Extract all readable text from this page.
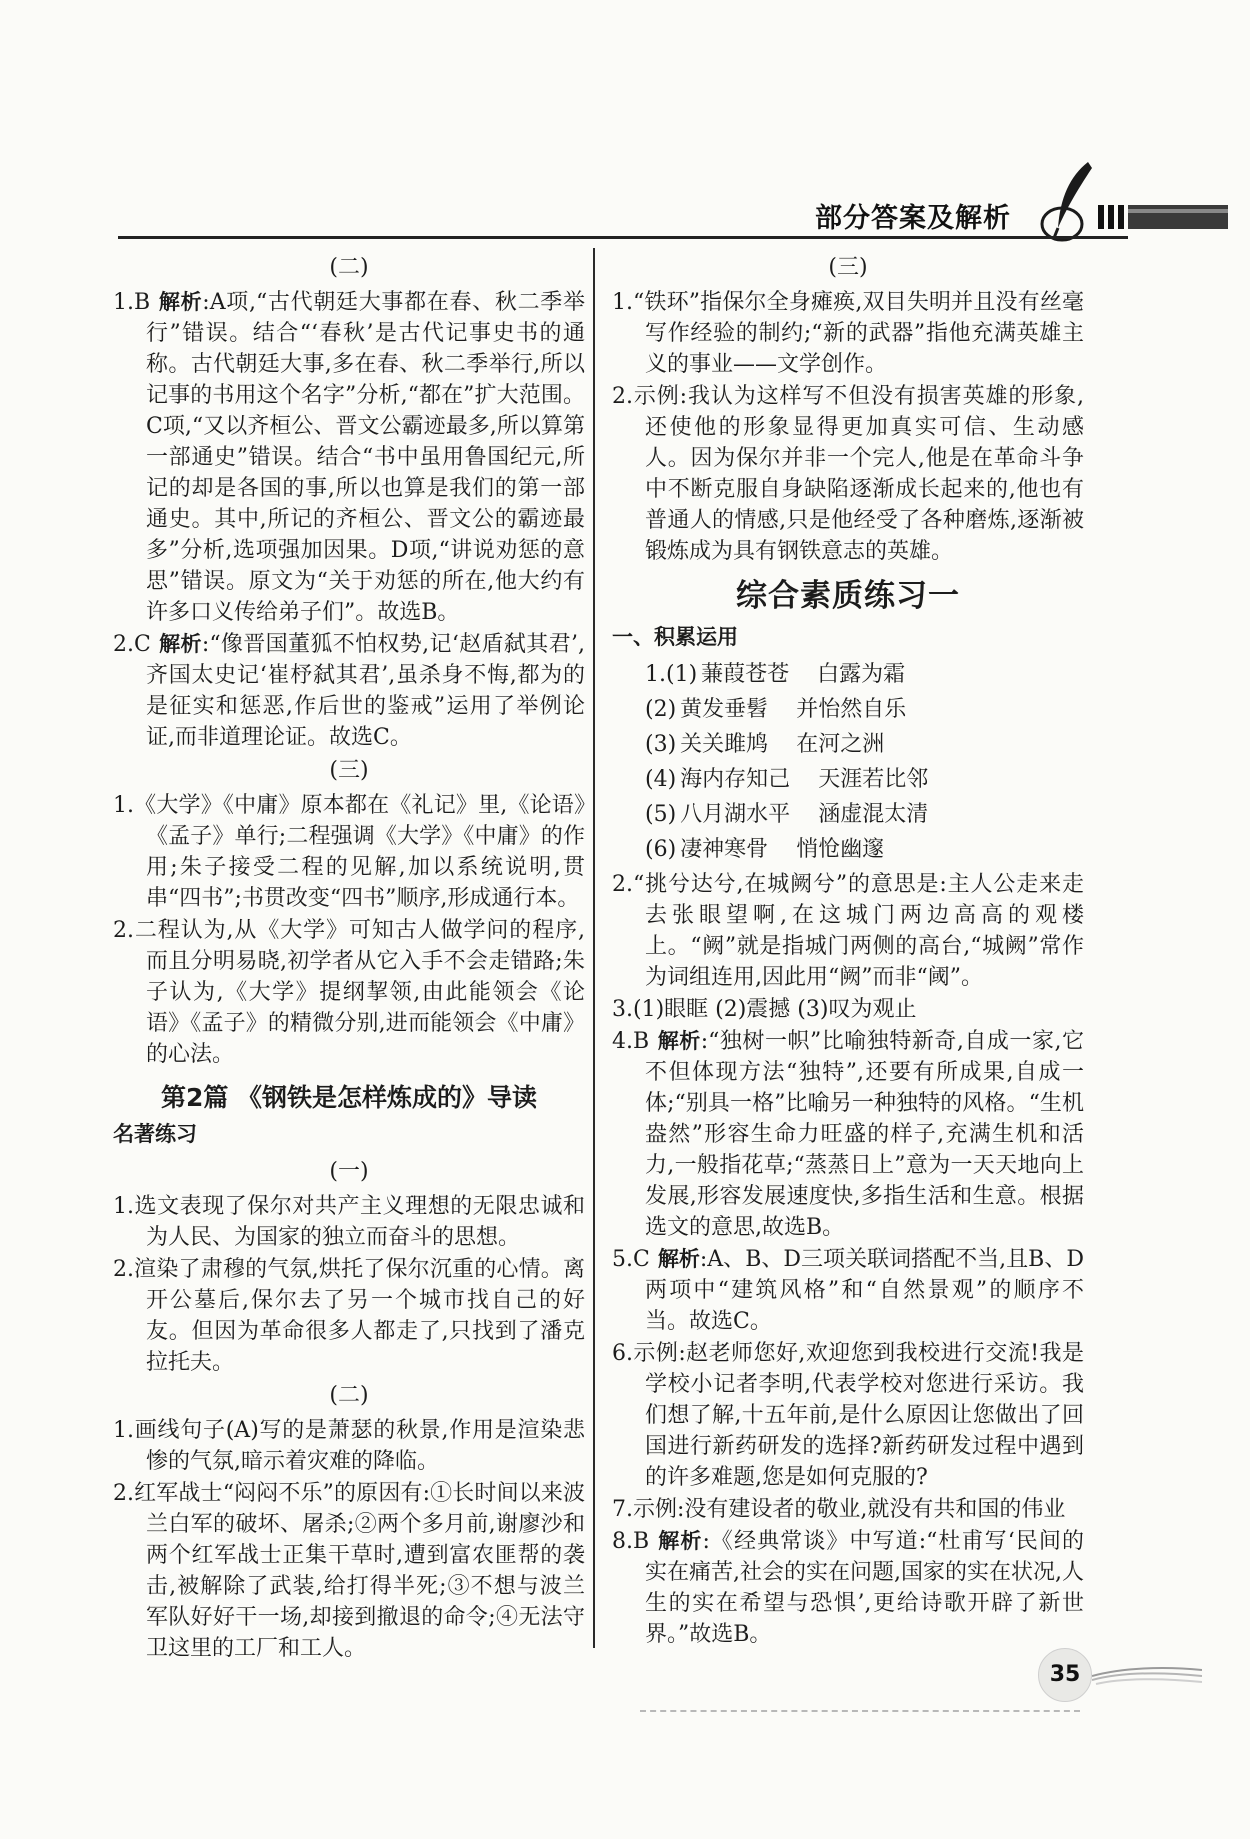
部分答案及解析
(二)
1.B 解析:A项,“古代朝廷大事都在春、秋二季举行”错误。结合“‘春秋’是古代记事史书的通称。古代朝廷大事,多在春、秋二季举行,所以记事的书用这个名字”分析,“都在”扩大范围。C项,“又以齐桓公、晋文公霸迹最多,所以算第一部通史”错误。结合“书中虽用鲁国纪元,所记的却是各国的事,所以也算是我们的第一部通史。其中,所记的齐桓公、晋文公的霸迹最多”分析,选项强加因果。D项,“讲说劝惩的意思”错误。原文为“关于劝惩的所在,他大约有许多口义传给弟子们”。故选B。
2.C 解析:“像晋国董狐不怕权势,记‘赵盾弑其君’,齐国太史记‘崔杼弑其君’,虽杀身不悔,都为的是征实和惩恶,作后世的鉴戒”运用了举例论证,而非道理论证。故选C。
(三)
1.《大学》《中庸》原本都在《礼记》里,《论语》《孟子》单行;二程强调《大学》《中庸》的作用;朱子接受二程的见解,加以系统说明,贯串“四书”;书贯改变“四书”顺序,形成通行本。
2.二程认为,从《大学》可知古人做学问的程序,而且分明易晓,初学者从它入手不会走错路;朱子认为,《大学》提纲挈领,由此能领会《论语》《孟子》的精微分别,进而能领会《中庸》的心法。
第2篇 《钢铁是怎样炼成的》导读
名著练习
(一)
1.选文表现了保尔对共产主义理想的无限忠诚和为人民、为国家的独立而奋斗的思想。
2.渲染了肃穆的气氛,烘托了保尔沉重的心情。离开公墓后,保尔去了另一个城市找自己的好友。但因为革命很多人都走了,只找到了潘克拉托夫。
(二)
1.画线句子(A)写的是萧瑟的秋景,作用是渲染悲惨的气氛,暗示着灾难的降临。
2.红军战士“闷闷不乐”的原因有:①长时间以来波兰白军的破坏、屠杀;②两个多月前,谢廖沙和两个红军战士正集干草时,遭到富农匪帮的袭击,被解除了武装,给打得半死;③不想与波兰军队好好干一场,却接到撤退的命令;④无法守卫这里的工厂和工人。
(三)
1.“铁环”指保尔全身瘫痪,双目失明并且没有丝毫写作经验的制约;“新的武器”指他充满英雄主义的事业——文学创作。
2.示例:我认为这样写不但没有损害英雄的形象,还使他的形象显得更加真实可信、生动感人。因为保尔并非一个完人,他是在革命斗争中不断克服自身缺陷逐渐成长起来的,他也有普通人的情感,只是他经受了各种磨炼,逐渐被锻炼成为具有钢铁意志的英雄。
综合素质练习一
一、积累运用
1.(1) 蒹葭苍苍 白露为霜
(2) 黄发垂髫 并怡然自乐
(3) 关关雎鸠 在河之洲
(4) 海内存知己 天涯若比邻
(5) 八月湖水平 涵虚混太清
(6) 凄神寒骨 悄怆幽邃
2.“挑兮达兮,在城阙兮”的意思是:主人公走来走去张眼望啊,在这城门两边高高的观楼上。“阙”就是指城门两侧的高台,“城阙”常作为词组连用,因此用“阙”而非“阈”。
3.(1)眼眶 (2)震撼 (3)叹为观止
4.B 解析:“独树一帜”比喻独特新奇,自成一家,它不但体现方法“独特”,还要有所成果,自成一体;“别具一格”比喻另一种独特的风格。“生机盎然”形容生命力旺盛的样子,充满生机和活力,一般指花草;“蒸蒸日上”意为一天天地向上发展,形容发展速度快,多指生活和生意。根据选文的意思,故选B。
5.C 解析:A、B、D三项关联词搭配不当,且B、D两项中“建筑风格”和“自然景观”的顺序不当。故选C。
6.示例:赵老师您好,欢迎您到我校进行交流!我是学校小记者李明,代表学校对您进行采访。我们想了解,十五年前,是什么原因让您做出了回国进行新药研发的选择?新药研发过程中遇到的许多难题,您是如何克服的?
7.示例:没有建设者的敬业,就没有共和国的伟业
8.B 解析:《经典常谈》中写道:“杜甫写‘民间的实在痛苦,社会的实在问题,国家的实在状况,人生的实在希望与恐惧’,更给诗歌开辟了新世界。”故选B。
35
